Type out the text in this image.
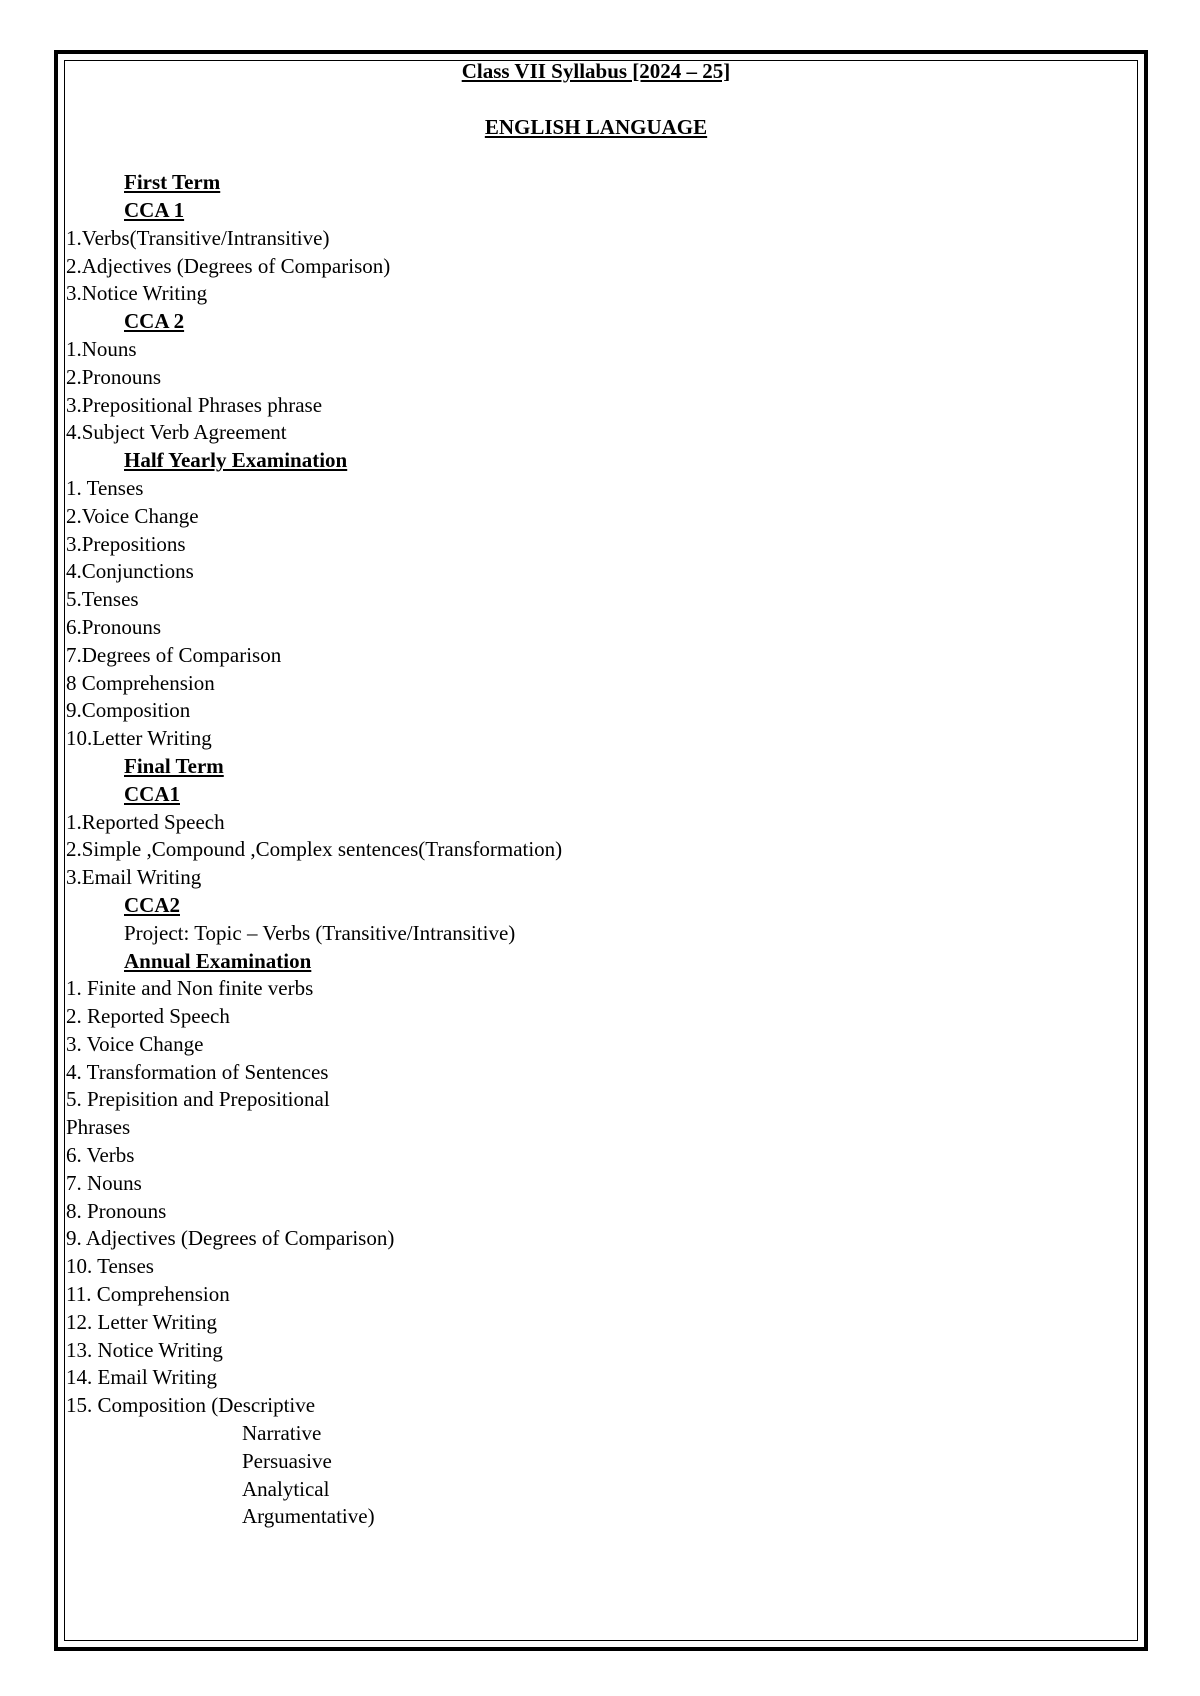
Class VII Syllabus [2024 – 25]
ENGLISH LANGUAGE
First Term
CCA 1
1.Verbs(Transitive/Intransitive)
2.Adjectives (Degrees of Comparison)
3.Notice Writing
CCA 2
1.Nouns
2.Pronouns
3.Prepositional Phrases phrase
4.Subject Verb Agreement
Half Yearly Examination
1. Tenses
2.Voice Change
3.Prepositions
4.Conjunctions
5.Tenses
6.Pronouns
7.Degrees of Comparison
8 Comprehension
9.Composition
10.Letter Writing
Final Term
CCA1
1.Reported Speech
2.Simple ,Compound ,Complex sentences(Transformation)
3.Email Writing
CCA2
Project: Topic – Verbs (Transitive/Intransitive)
Annual Examination
1. Finite and Non finite verbs
2. Reported Speech
3. Voice Change
4. Transformation of Sentences
5. Prepisition and Prepositional
Phrases
6. Verbs
7. Nouns
8. Pronouns
9. Adjectives (Degrees of Comparison)
10. Tenses
11. Comprehension
12. Letter Writing
13. Notice Writing
14. Email Writing
15. Composition (Descriptive
Narrative
Persuasive
Analytical
Argumentative)
